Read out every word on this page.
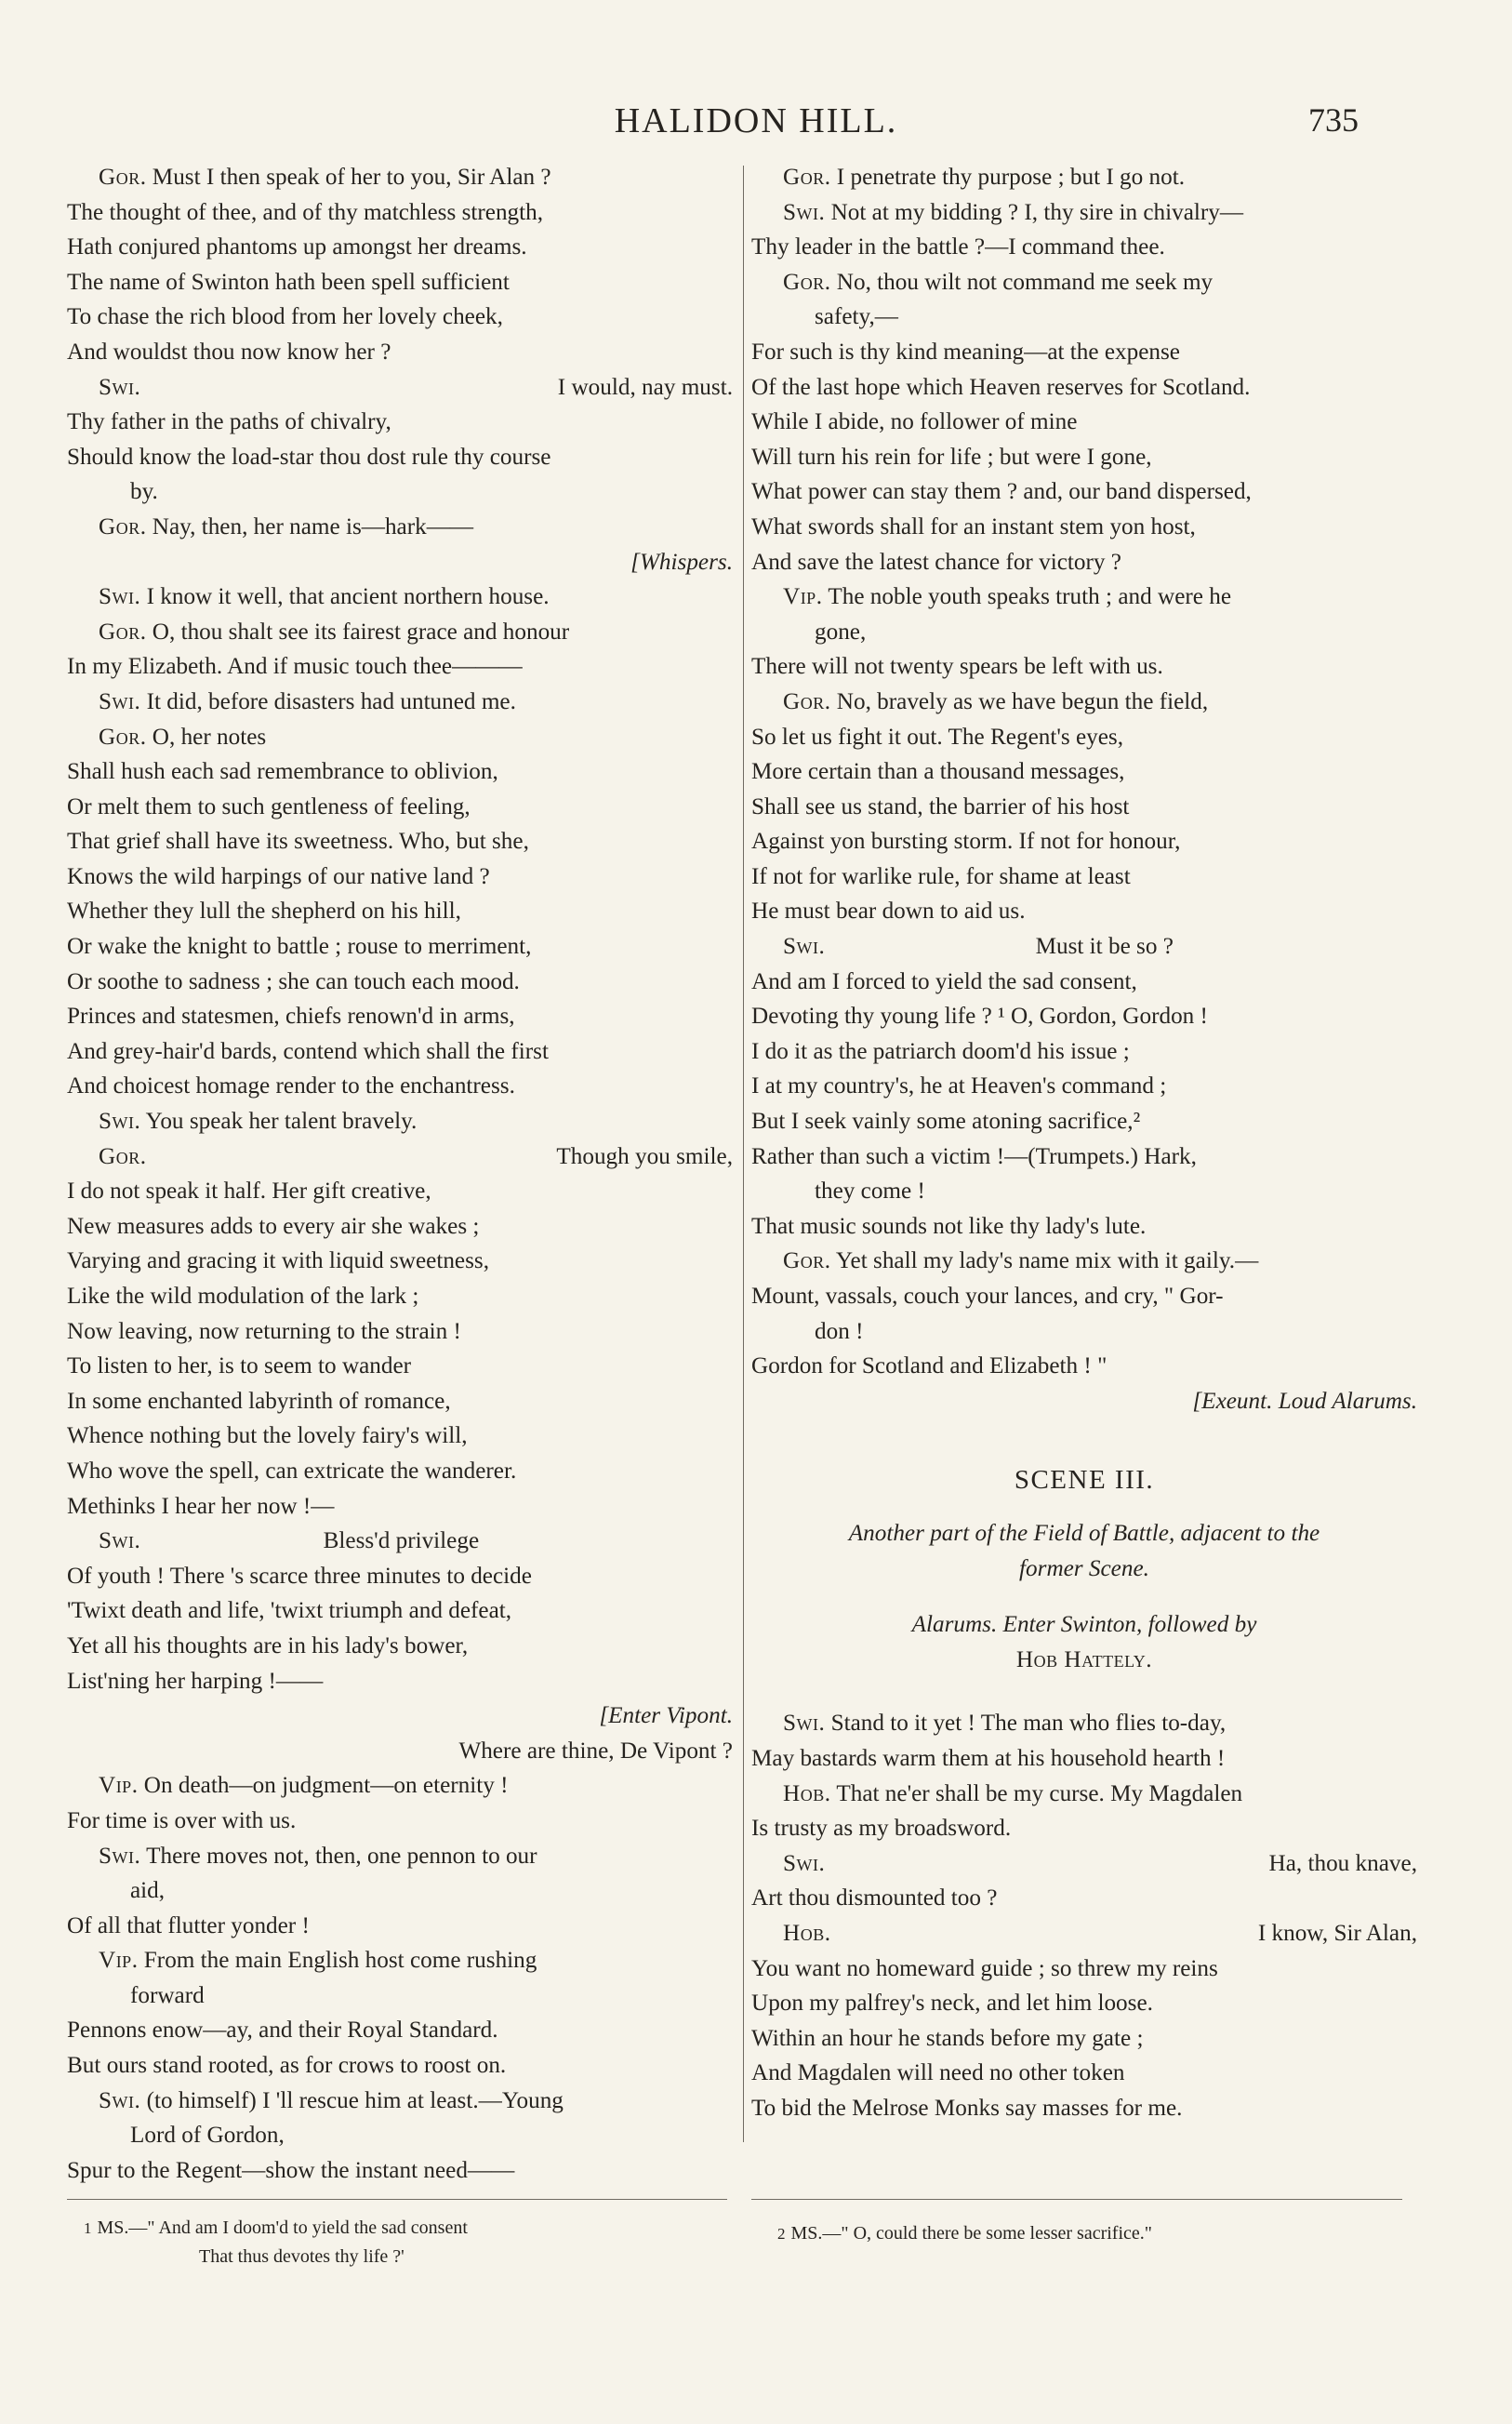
HALIDON HILL.	735
Gor. Must I then speak of her to you, Sir Alan ?
The thought of thee, and of thy matchless strength,
Hath conjured phantoms up amongst her dreams.
The name of Swinton hath been spell sufficient
To chase the rich blood from her lovely cheek,
And wouldst thou now know her ?
Swi.	I would, nay must.
Thy father in the paths of chivalry,
Should know the load-star thou dost rule thy course
by.
Gor. Nay, then, her name is—hark——
[Whispers.
Swi. I know it well, that ancient northern house.
Gor. O, thou shalt see its fairest grace and honour
In my Elizabeth. And if music touch thee———
Swi. It did, before disasters had untuned me.
Gor. O, her notes
Shall hush each sad remembrance to oblivion,
Or melt them to such gentleness of feeling,
That grief shall have its sweetness. Who, but she,
Knows the wild harpings of our native land ?
Whether they lull the shepherd on his hill,
Or wake the knight to battle ; rouse to merriment,
Or soothe to sadness ; she can touch each mood.
Princes and statesmen, chiefs renown'd in arms,
And grey-hair'd bards, contend which shall the first
And choicest homage render to the enchantress.
Swi. You speak her talent bravely.
Gor.	Though you smile,
I do not speak it half. Her gift creative,
New measures adds to every air she wakes ;
Varying and gracing it with liquid sweetness,
Like the wild modulation of the lark ;
Now leaving, now returning to the strain !
To listen to her, is to seem to wander
In some enchanted labyrinth of romance,
Whence nothing but the lovely fairy's will,
Who wove the spell, can extricate the wanderer.
Methinks I hear her now !—
Swi.	Bless'd privilege
Of youth ! There 's scarce three minutes to decide
'Twixt death and life, 'twixt triumph and defeat,
Yet all his thoughts are in his lady's bower,
List'ning her harping !——
[Enter Vipont.
Where are thine, De Vipont ?
Vip. On death—on judgment—on eternity !
For time is over with us.
Swi. There moves not, then, one pennon to our
aid,
Of all that flutter yonder !
Vip. From the main English host come rushing
forward
Pennons enow—ay, and their Royal Standard.
But ours stand rooted, as for crows to roost on.
Swi. (to himself) I 'll rescue him at least.—Young
Lord of Gordon,
Spur to the Regent—show the instant need——
Gor. I penetrate thy purpose ; but I go not.
Swi. Not at my bidding ? I, thy sire in chivalry—
Thy leader in the battle ?—I command thee.
Gor. No, thou wilt not command me seek my
safety,—
For such is thy kind meaning—at the expense
Of the last hope which Heaven reserves for Scotland.
While I abide, no follower of mine
Will turn his rein for life ; but were I gone,
What power can stay them ? and, our band dispersed,
What swords shall for an instant stem yon host,
And save the latest chance for victory ?
Vip. The noble youth speaks truth ; and were he
gone,
There will not twenty spears be left with us.
Gor. No, bravely as we have begun the field,
So let us fight it out. The Regent's eyes,
More certain than a thousand messages,
Shall see us stand, the barrier of his host
Against yon bursting storm. If not for honour,
If not for warlike rule, for shame at least
He must bear down to aid us.
Swi.	Must it be so ?
And am I forced to yield the sad consent,
Devoting thy young life ? ¹ O, Gordon, Gordon !
I do it as the patriarch doom'd his issue ;
I at my country's, he at Heaven's command ;
But I seek vainly some atoning sacrifice,²
Rather than such a victim !—(Trumpets.) Hark,
they come !
That music sounds not like thy lady's lute.
Gor. Yet shall my lady's name mix with it gaily.—
Mount, vassals, couch your lances, and cry, " Gor-
don !
Gordon for Scotland and Elizabeth ! "
[Exeunt. Loud Alarums.
SCENE III.
Another part of the Field of Battle, adjacent to the
former Scene.
Alarums. Enter Swinton, followed by
Hob Hattely.
Swi. Stand to it yet ! The man who flies to-day,
May bastards warm them at his household hearth !
Hob. That ne'er shall be my curse. My Magdalen
Is trusty as my broadsword.
Swi.	Ha, thou knave,
Art thou dismounted too ?
Hob.	I know, Sir Alan,
You want no homeward guide ; so threw my reins
Upon my palfrey's neck, and let him loose.
Within an hour he stands before my gate ;
And Magdalen will need no other token
To bid the Melrose Monks say masses for me.
1 MS.—" And am I doom'd to yield the sad consent
That thus devotes thy life ?'
2 MS.—" O, could there be some lesser sacrifice."
